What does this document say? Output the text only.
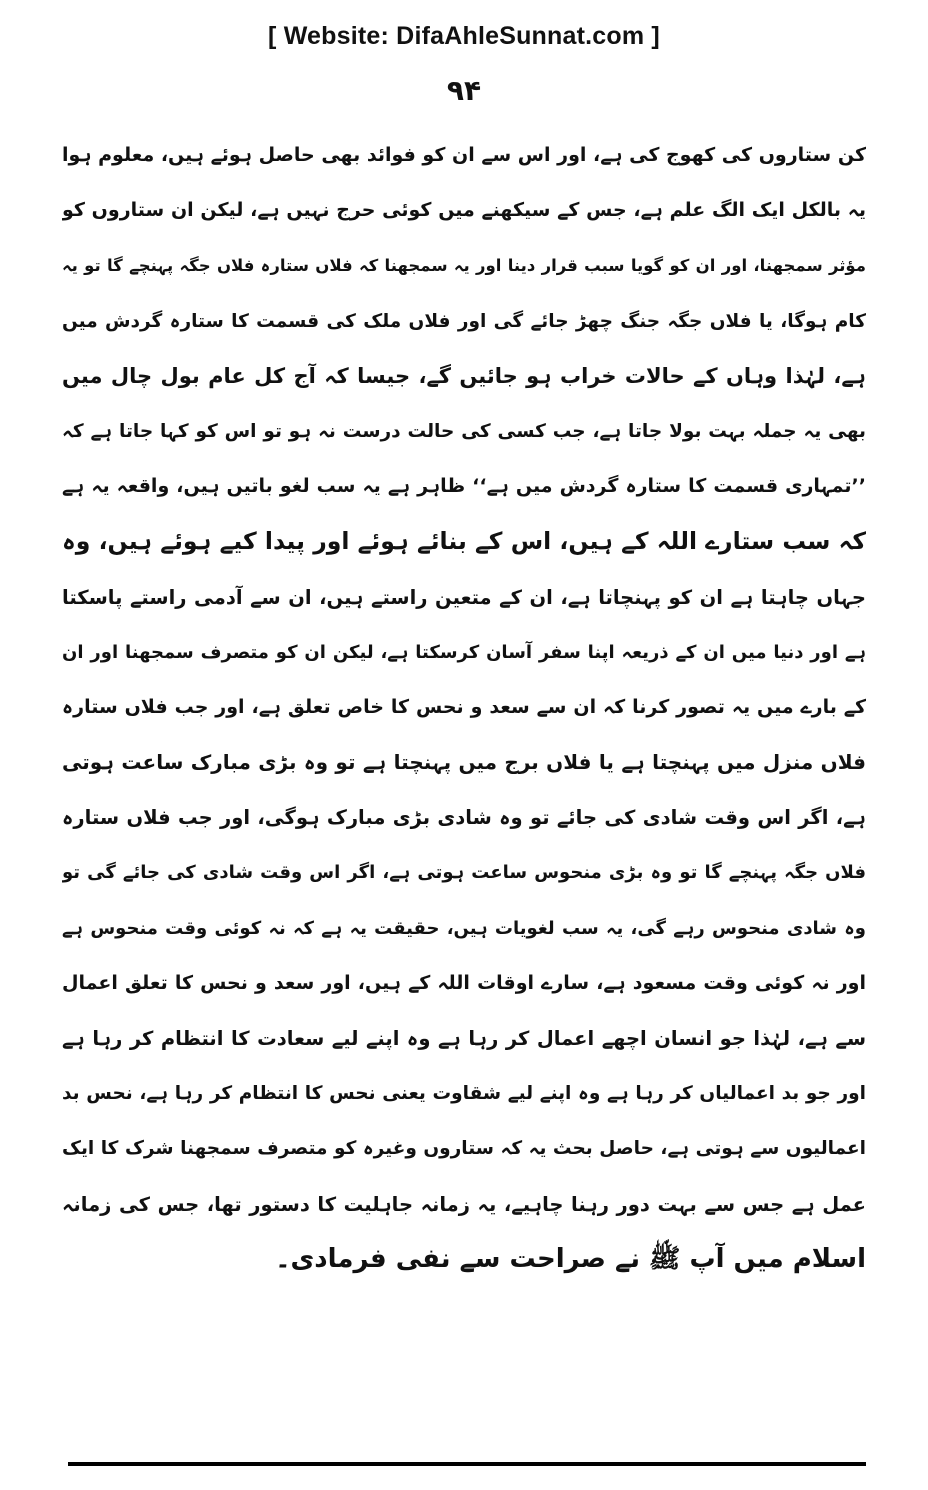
[ Website: DifaAhleSunnat.com ]
۹۴
کن ستاروں کی کھوج کی ہے، اور اس سے ان کو فوائد بھی حاصل ہوئے ہیں، معلوم ہوا
یہ بالکل ایک الگ علم ہے، جس کے سیکھنے میں کوئی حرج نہیں ہے، لیکن ان ستاروں کو
مؤثر سمجھنا، اور ان کو گویا سبب قرار دینا اور یہ سمجھنا کہ فلاں ستارہ فلاں جگہ پہنچے گا تو یہ
کام ہوگا، یا فلاں جگہ جنگ چھڑ جائے گی اور فلاں ملک کی قسمت کا ستارہ گردش میں
ہے، لہٰذا وہاں کے حالات خراب ہو جائیں گے، جیسا کہ آج کل عام بول چال میں
بھی یہ جملہ بہت بولا جاتا ہے، جب کسی کی حالت درست نہ ہو تو اس کو کہا جاتا ہے کہ
’’تمہاری قسمت کا ستارہ گردش میں ہے‘‘ ظاہر ہے یہ سب لغو باتیں ہیں، واقعہ یہ ہے
کہ سب ستارے اللہ کے ہیں، اس کے بنائے ہوئے اور پیدا کیے ہوئے ہیں، وہ
جہاں چاہتا ہے ان کو پہنچاتا ہے، ان کے متعین راستے ہیں، ان سے آدمی راستے پاسکتا
ہے اور دنیا میں ان کے ذریعہ اپنا سفر آسان کرسکتا ہے، لیکن ان کو متصرف سمجھنا اور ان
کے بارے میں یہ تصور کرنا کہ ان سے سعد و نحس کا خاص تعلق ہے، اور جب فلاں ستارہ
فلاں منزل میں پہنچتا ہے یا فلاں برج میں پہنچتا ہے تو وہ بڑی مبارک ساعت ہوتی
ہے، اگر اس وقت شادی کی جائے تو وہ شادی بڑی مبارک ہوگی، اور جب فلاں ستارہ
فلاں جگہ پہنچے گا تو وہ بڑی منحوس ساعت ہوتی ہے، اگر اس وقت شادی کی جائے گی تو
وہ شادی منحوس رہے گی، یہ سب لغویات ہیں، حقیقت یہ ہے کہ نہ کوئی وقت منحوس ہے
اور نہ کوئی وقت مسعود ہے، سارے اوقات اللہ کے ہیں، اور سعد و نحس کا تعلق اعمال
سے ہے، لہٰذا جو انسان اچھے اعمال کر رہا ہے وہ اپنے لیے سعادت کا انتظام کر رہا ہے
اور جو بد اعمالیاں کر رہا ہے وہ اپنے لیے شقاوت یعنی نحس کا انتظام کر رہا ہے، نحس بد
اعمالیوں سے ہوتی ہے، حاصل بحث یہ کہ ستاروں وغیرہ کو متصرف سمجھنا شرک کا ایک
عمل ہے جس سے بہت دور رہنا چاہیے، یہ زمانہ جاہلیت کا دستور تھا، جس کی زمانہ
اسلام میں آپ ﷺ نے صراحت سے نفی فرمادی۔
